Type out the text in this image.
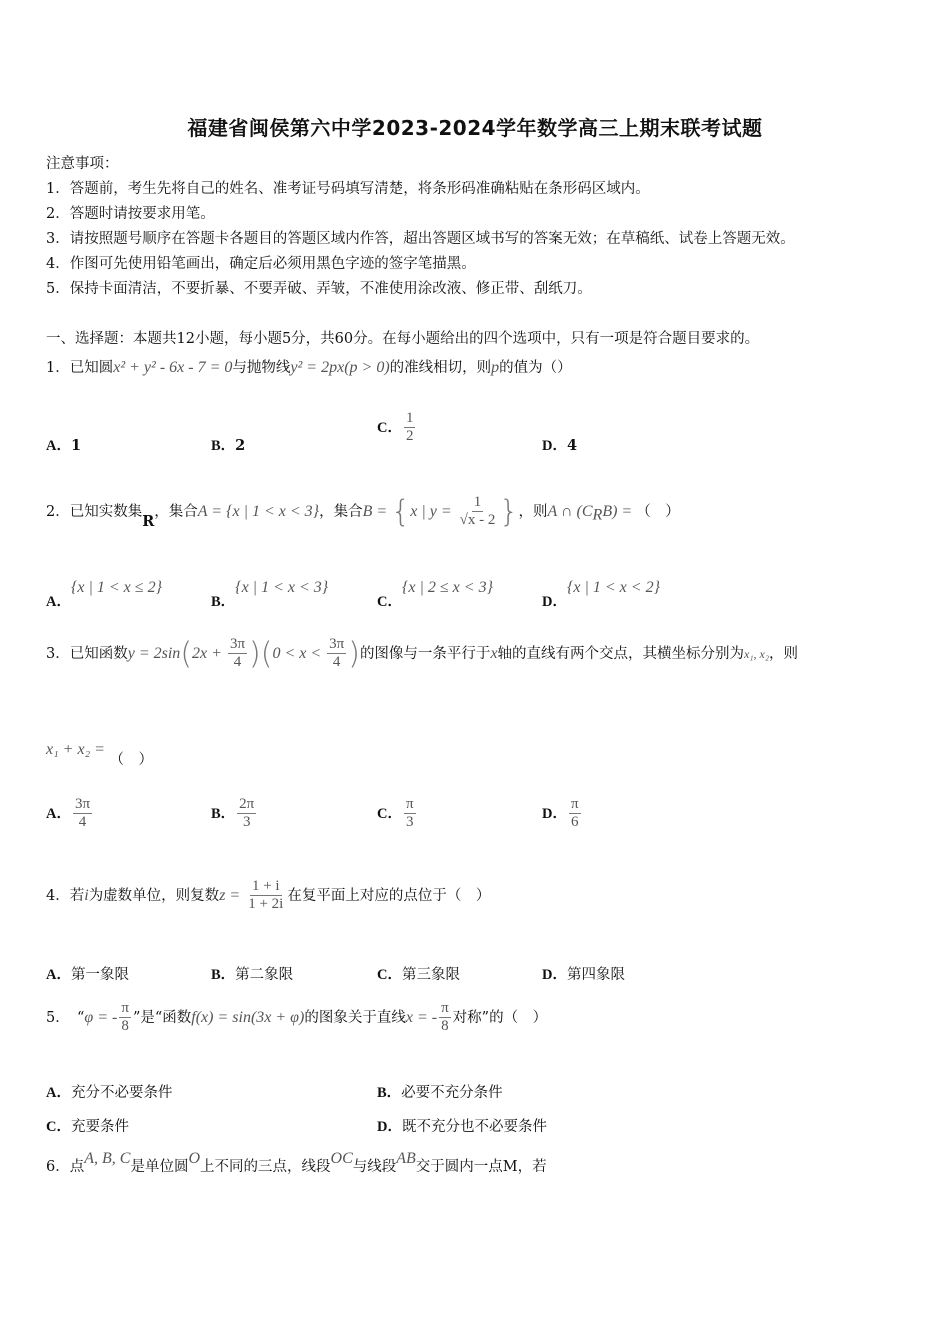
福建省闽侯第六中学2023-2024学年数学高三上期末联考试题
注意事项：
1．答题前，考生先将自己的姓名、准考证号码填写清楚，将条形码准确粘贴在条形码区域内。
2．答题时请按要求用笔。
3．请按照题号顺序在答题卡各题目的答题区域内作答，超出答题区域书写的答案无效；在草稿纸、试卷上答题无效。
4．作图可先使用铅笔画出，确定后必须用黑色字迹的签字笔描黑。
5．保持卡面清洁，不要折暴、不要弄破、弄皱，不准使用涂改液、修正带、刮纸刀。
一、选择题：本题共12小题，每小题5分，共60分。在每小题给出的四个选项中，只有一项是符合题目要求的。
1．已知圆x² + y² - 6x - 7 = 0与抛物线y² = 2px(p > 0)的准线相切，则p的值为（）
A．1	B．2
C． $\frac{1}{2}$
D．4
2．已知实数集R，集合A = {x | 1 < x < 3}，集合B = {x | $y = \frac{1}{√x - 2}$ }，则A ∩ $(C_RB)$ = （　）
A．{x | 1 < x ≤ 2}
B．{x | 1 < x < 3}
C．{x | 2 ≤ x < 3}
D．{x | 1 < x < 2}
3．已知函数$y = 2\sin(2x + \frac{3\pi}{4} )(0 < x < \frac{3\pi}{4}$ )的图像与一条平行于x轴的直线有两个交点，其横坐标分别为x₁, x₂，则
x₁ + x₂ = （　）
A． $\frac{3\pi}{4}$	B． $\frac{2\pi}{3}$	C． $\frac{\pi}{3}$	D． $\frac{\pi}{6}$
4．若i为虚数单位，则复数$z = \frac{1 + i}{1 + 2i}$ 在复平面上对应的点位于（　）
A．第一象限	B．第二象限	C．第三象限	D．第四象限
5．　“φ = - $\frac{\pi}{8}$ ”是“函数f(x) = sin(3x + φ)的图象关于直线x = - $\frac{\pi}{8}$ 对称”的（　）
A．充分不必要条件	B．必要不充分条件
C．充要条件	D．既不充分也不必要条件
6．点A, B, C是单位圆O上不同的三点，线段OC与线段AB交于圆内一点M，若
